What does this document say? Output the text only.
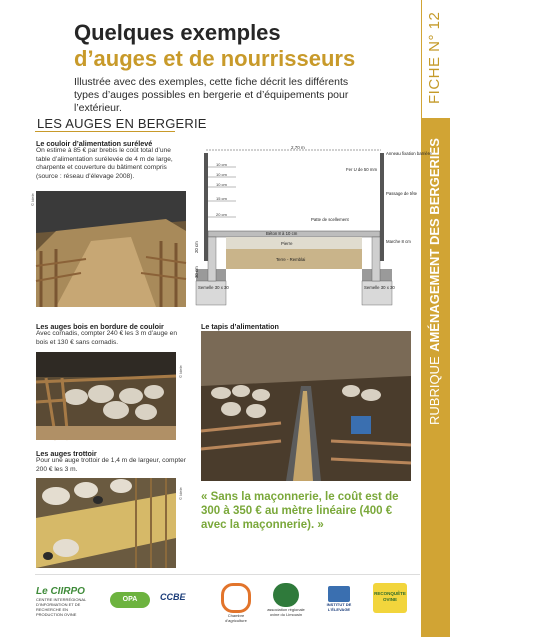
FICHE N° 12
RUBRIQUE AMÉNAGEMENT DES BERGERIES
Quelques exemples
d’auges et de nourrisseurs
Illustrée avec des exemples, cette fiche décrit les différents types d’auges possibles en bergerie et d’équipements pour l’extérieur.
LES AUGES EN BERGERIE
Le couloir d’alimentation surélevé
On estime à 85 € par brebis le coût total d’une table d’alimentation surélevée de 4 m de large, charpente et couverture du bâtiment compris (source : réseau d’élevage 2008).
© Idele
2,70 m
10 cm
10 cm
10 cm
15 cm
20 cm
Anneau fixation barrière
Fer U de 50 mm
Passage de tête
Patte de scellement
Béton 8 à 10 cm
Pierre
Terre - Remblai
Marche 8 cm
Semelle 30 x 30	Semelle 30 x 30
20 cm
30 cm
Les auges bois en bordure de couloir
Avec cornadis, compter 240 € les 3 m d’auge en bois et 130 € sans cornadis.
© Idele
Les auges trottoir
Pour une auge trottoir de 1,4 m de largeur, compter 200 € les 3 m.
© Idele
Le tapis d’alimentation
« Sans la maçonnerie, le coût est de 300 à 350 € au mètre linéaire (400 € avec la maçonnerie). »
Le CIIRPO
CENTRE INTERRÉGIONAL D’INFORMATION ET DE RECHERCHE EN PRODUCTION OVINE
OPA	CCBE
Chambre d'agriculture
association régionale ovine du Limousin
INSTITUT DE L'ÉLEVAGE
RECONQUÊTE OVINE
